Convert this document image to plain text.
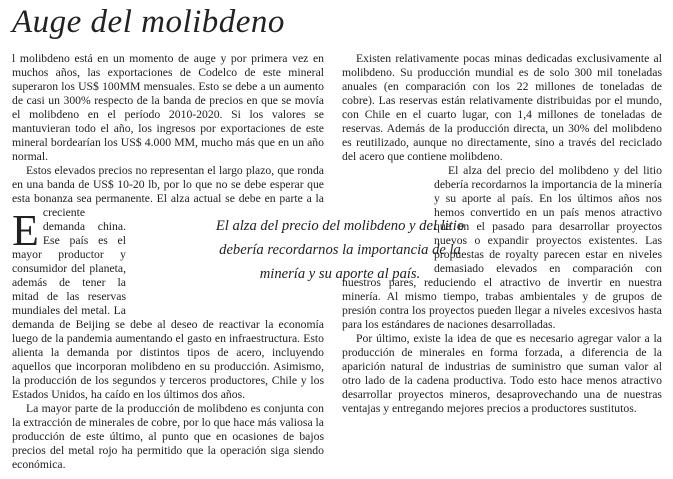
Auge del molibdeno

E
l molibdeno está en un momento de auge y por primera vez en muchos años, las exportaciones de Codelco de este mineral superaron los US$ 100MM mensuales. Esto se debe a un aumento de casi un 300% respecto de la banda de precios en que se movía el molibdeno en el período 2010-2020. Si los valores se mantuvieran todo el año, los ingresos por exportaciones de este mineral bordearían los US$ 4.000 MM, mucho más que en un año normal.

Estos elevados precios no representan el largo plazo, que ronda en una banda de US$ 10-20 lb, por lo que no se debe esperar que esta bonanza sea permanente. El alza actual se debe en parte a la creciente demanda china. Ese país es el mayor productor y consumidor del planeta, además de tener la mitad de las reservas mundiales del metal. La demanda de Beijing se debe al deseo de reactivar la economía luego de la pandemia aumentando el gasto en infraestructura. Esto alienta la demanda por distintos tipos de acero, incluyendo aquellos que incorporan molibdeno en su producción. Asimismo, la producción de los segundos y terceros productores, Chile y los Estados Unidos, ha caído en los últimos dos años.

La mayor parte de la producción de molibdeno es conjunta con la extracción de minerales de cobre, por lo que hace más valiosa la producción de este último, al punto que en ocasiones de bajos precios del metal rojo ha permitido que la operación siga siendo económica.

Existen relativamente pocas minas dedicadas exclusivamente al molibdeno. Su producción mundial es de solo 300 mil toneladas anuales (en comparación con los 22 millones de toneladas de cobre). Las reservas están relativamente distribuidas por el mundo, con Chile en el cuarto lugar, con 1,4 millones de toneladas de reservas. Además de la producción directa, un 30% del molibdeno es reutilizado, aunque no directamente, sino a través del reciclado del acero que contiene molibdeno.

El alza del precio del molibdeno y del litio debería recordarnos la importancia de la minería y su aporte al país. En los últimos años nos hemos convertido en un país menos atractivo que en el pasado para desarrollar proyectos nuevos o expandir proyectos existentes. Las propuestas de royalty parecen estar en niveles demasiado elevados en comparación con nuestros pares, reduciendo el atractivo de invertir en nuestra minería. Al mismo tiempo, trabas ambientales y de grupos de presión contra los proyectos pueden llegar a niveles excesivos hasta para los estándares de naciones desarrolladas.

Por último, existe la idea de que es necesario agregar valor a la producción de minerales en forma forzada, a diferencia de la aparición natural de industrias de suministro que suman valor al otro lado de la cadena productiva. Todo esto hace menos atractivo desarrollar proyectos mineros, desaprovechando una de nuestras ventajas y entregando mejores precios a productores sustitutos.

El alza del precio del molibdeno y del litio

debería recordarnos la importancia de la

minería y su aporte al país.
